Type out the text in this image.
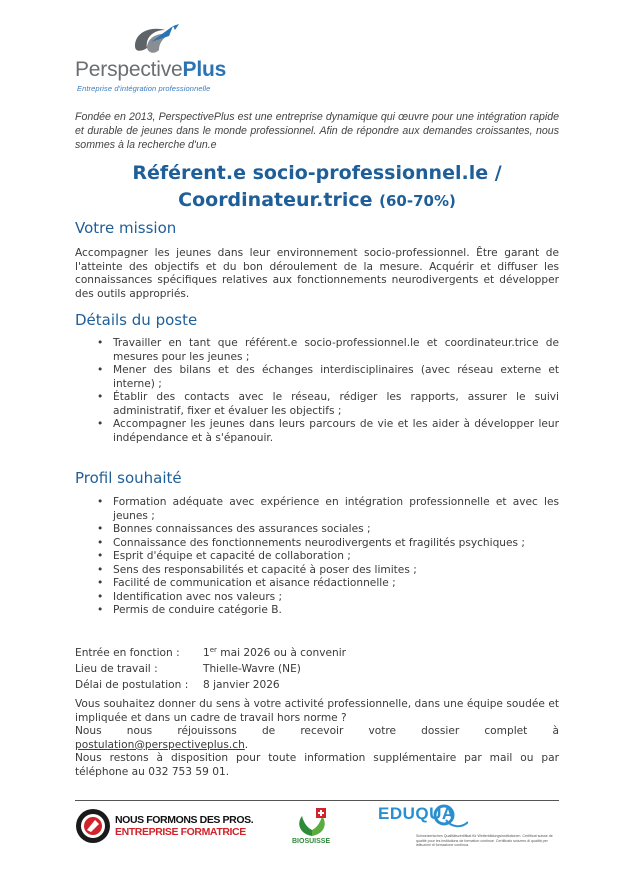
PerspectivePlus
Entreprise d'intégration professionnelle

Fondée en 2013, PerspectivePlus est une entreprise dynamique qui œuvre pour une intégration rapide et durable de jeunes dans le monde professionnel. Afin de répondre aux demandes croissantes, nous sommes à la recherche d'un.e

Référent.e socio-professionnel.le /
Coordinateur.trice (60-70%)
Votre mission

Accompagner les jeunes dans leur environnement socio-professionnel. Être garant de l'atteinte des objectifs et du bon déroulement de la mesure. Acquérir et diffuser les connaissances spécifiques relatives aux fonctionnements neurodivergents et développer des outils appropriés.

Détails du poste
• Travailler en tant que référent.e socio-professionnel.le et coordinateur.trice de mesures pour les jeunes ;
• Mener des bilans et des échanges interdisciplinaires (avec réseau externe et interne) ;
• Établir des contacts avec le réseau, rédiger les rapports, assurer le suivi administratif, fixer et évaluer les objectifs ;
• Accompagner les jeunes dans leurs parcours de vie et les aider à développer leur indépendance et à s'épanouir.
Profil souhaité
• Formation adéquate avec expérience en intégration professionnelle et avec les jeunes ;
• Bonnes connaissances des assurances sociales ;
• Connaissance des fonctionnements neurodivergents et fragilités psychiques ;
• Esprit d'équipe et capacité de collaboration ;
• Sens des responsabilités et capacité à poser des limites ;
• Facilité de communication et aisance rédactionnelle ;
• Identification avec nos valeurs ;
• Permis de conduire catégorie B.
Entrée en fonction :	1er mai 2026 ou à convenir
Lieu de travail :	Thielle-Wavre (NE)
Délai de postulation :	8 janvier 2026

Vous souhaitez donner du sens à votre activité professionnelle, dans une équipe soudée et impliquée et dans un cadre de travail hors norme ?

Nous nous réjouissons de recevoir votre dossier complet à
postulation@perspectiveplus.ch.

Nous restons à disposition pour toute information supplémentaire par mail ou par téléphone au 032 753 59 01.

NOUS FORMONS DES PROS.
ENTREPRISE FORMATRICE
BIOSUISSE
EDUQUA
Schweizerisches Qualitätszertifikat für Weiterbildungsinstitutionen. Certificat suisse de qualité pour les institutions de formation continue. Certificato svizzero di qualità per istituzioni di formazione continua.
